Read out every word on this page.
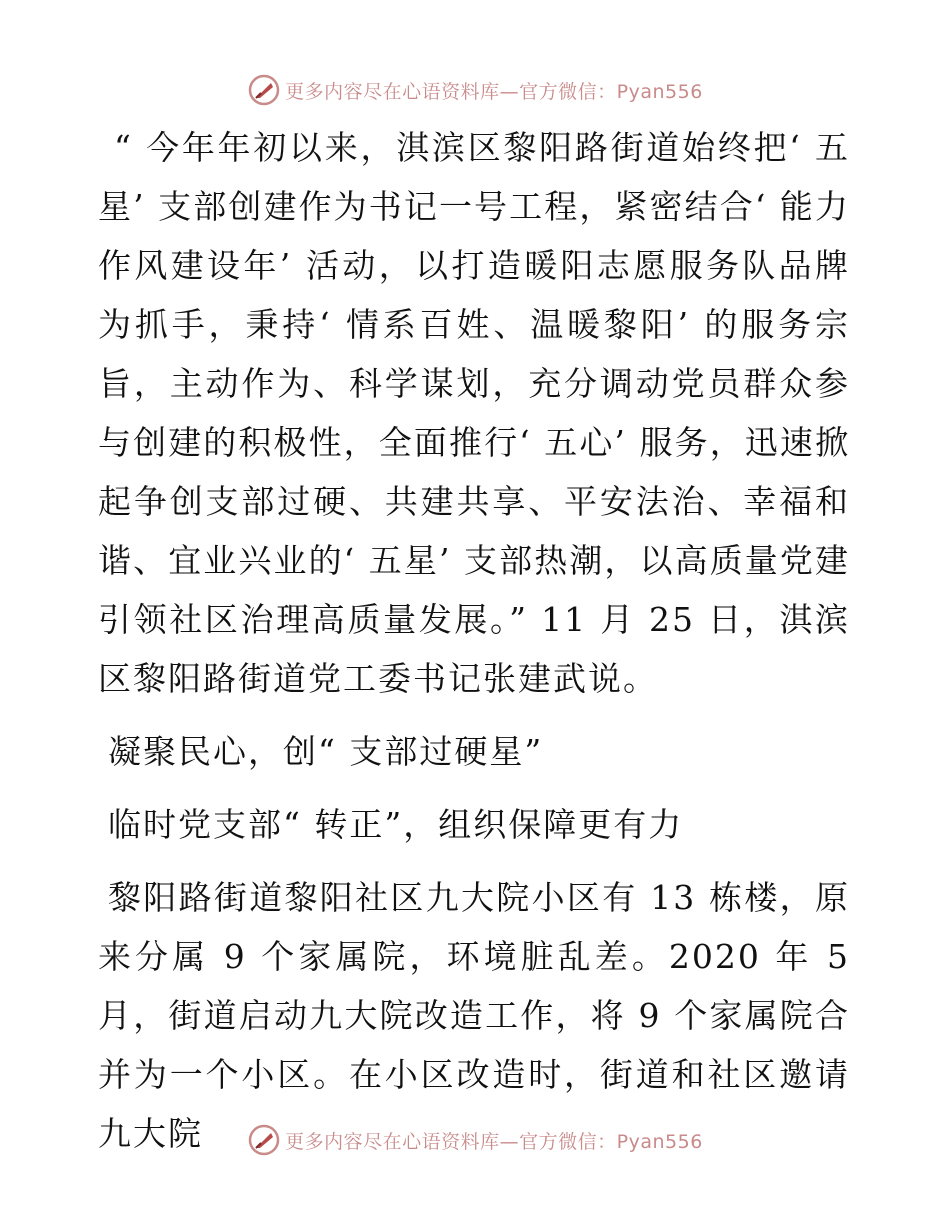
更多内容尽在心语资料库—官方微信：Pyan556

“ 今年年初以来，淇滨区黎阳路街道始终把‘ 五星’ 支部创建作为书记一号工程，紧密结合‘ 能力作风建设年’ 活动，以打造暖阳志愿服务队品牌为抓手，秉持‘ 情系百姓、温暖黎阳’ 的服务宗旨，主动作为、科学谋划，充分调动党员群众参与创建的积极性，全面推行‘ 五心’ 服务，迅速掀起争创支部过硬、共建共享、平安法治、幸福和谐、宜业兴业的‘ 五星’ 支部热潮，以高质量党建引领社区治理高质量发展。” 11 月 25 日，淇滨区黎阳路街道党工委书记张建武说。

凝聚民心，创“ 支部过硬星”

临时党支部“ 转正”，组织保障更有力

黎阳路街道黎阳社区九大院小区有 13 栋楼，原来分属 9 个家属院，环境脏乱差。2020 年 5月，街道启动九大院改造工作，将 9 个家属院合并为一个小区。在小区改造时，街道和社区邀请九大院	更多内容尽在心语资料库—官方微信：Pyan556
